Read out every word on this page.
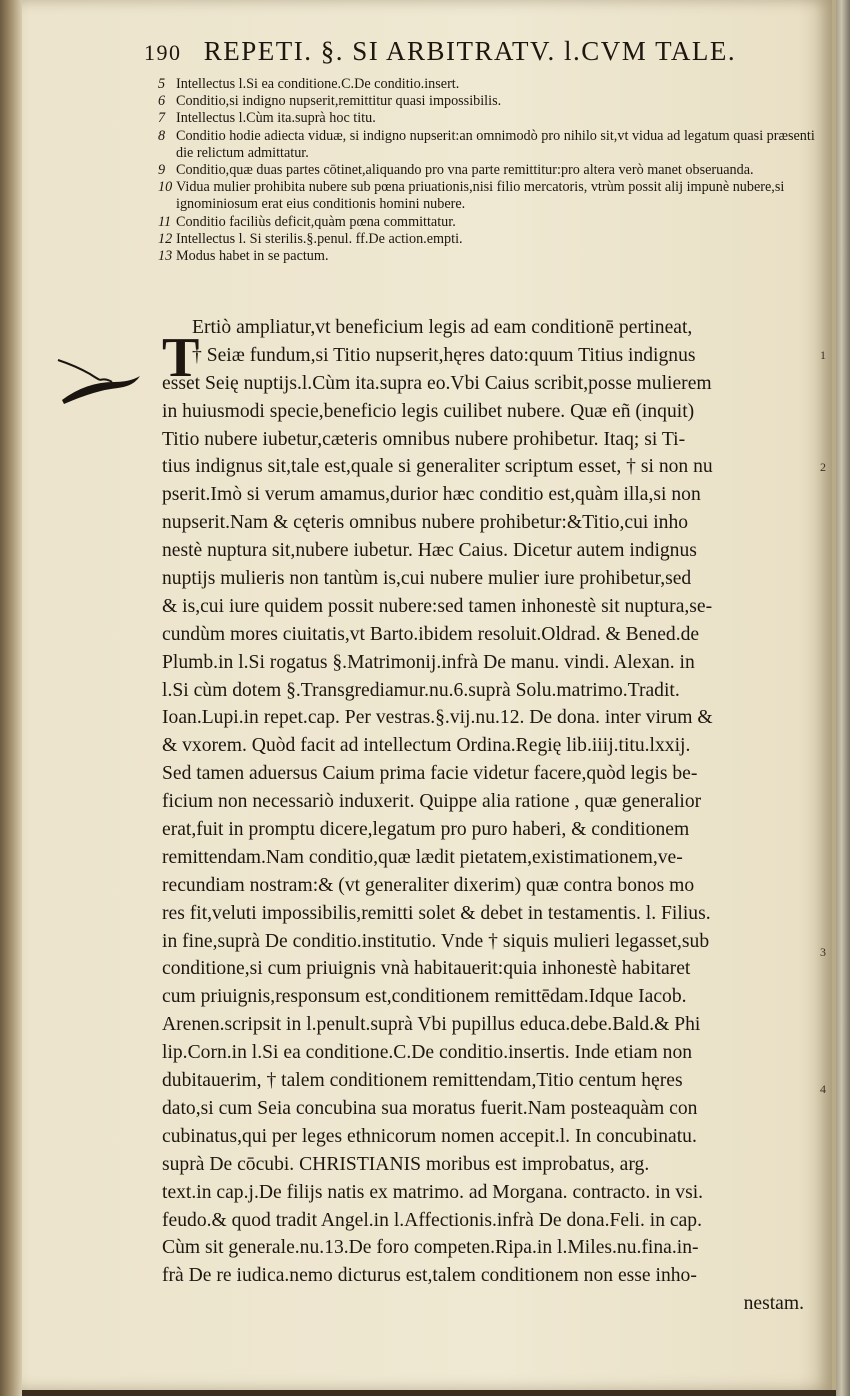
190 REPETI. §. SI ARBITRATV. l.CVM TALE.
5 Intellectus l.Si ea conditione.C.De conditio.insert.
6 Conditio,si indigno nupserit,remittitur quasi impossibilis.
7 Intellectus l.Cùm ita.suprà hoc titu.
8 Conditio hodie adiecta viduæ, si indigno nupserit:an omnimodò pro nihilo sit,vt vidua ad legatum quasi præsenti die relictum admittatur.
9 Conditio,quæ duas partes cōtinet,aliquando pro vna parte remittitur:pro altera verò manet obseruanda.
10 Vidua mulier prohibita nubere sub pœna priuationis,nisi filio mercatoris, vtrùm possit alij impunè nubere,si ignominiosum erat eius conditionis homini nubere.
11 Conditio faciliùs deficit,quàm pœna committatur.
12 Intellectus l. Si sterilis.§.penul. ff.De action.empti.
13 Modus habet in se pactum.
T
Ertiò ampliatur,vt beneficium legis ad eam conditionē pertineat,
† Seiæ fundum,si Titio nupserit,hęres dato:quum Titius indignus
esset Seię nuptijs.l.Cùm ita.supra eo.Vbi Caius scribit,posse mulierem
in huiusmodi specie,beneficio legis cuilibet nubere. Quæ eñ (inquit)
Titio nubere iubetur,cæteris omnibus nubere prohibetur. Itaq; si Ti-
tius indignus sit,tale est,quale si generaliter scriptum esset, † si non nu
pserit.Imò si verum amamus,durior hæc conditio est,quàm illa,si non
nupserit.Nam & cęteris omnibus nubere prohibetur:&Titio,cui inho
nestè nuptura sit,nubere iubetur. Hæc Caius. Dicetur autem indignus
nuptijs mulieris non tantùm is,cui nubere mulier iure prohibetur,sed
& is,cui iure quidem possit nubere:sed tamen inhonestè sit nuptura,se-
cundùm mores ciuitatis,vt Barto.ibidem resoluit.Oldrad. & Bened.de
Plumb.in l.Si rogatus §.Matrimonij.infrà De manu. vindi. Alexan. in
l.Si cùm dotem §.Transgrediamur.nu.6.suprà Solu.matrimo.Tradit.
Ioan.Lupi.in repet.cap. Per vestras.§.vij.nu.12. De dona. inter virum &
& vxorem. Quòd facit ad intellectum Ordina.Regię lib.iiij.titu.lxxij.
Sed tamen aduersus Caium prima facie videtur facere,quòd legis be-
ficium non necessariò induxerit. Quippe alia ratione , quæ generalior
erat,fuit in promptu dicere,legatum pro puro haberi, & conditionem
remittendam.Nam conditio,quæ lædit pietatem,existimationem,ve-
recundiam nostram:& (vt generaliter dixerim) quæ contra bonos mo
res fit,veluti impossibilis,remitti solet & debet in testamentis. l. Filius.
in fine,suprà De conditio.institutio. Vnde † siquis mulieri legasset,sub
conditione,si cum priuignis vnà habitauerit:quia inhonestè habitaret
cum priuignis,responsum est,conditionem remittēdam.Idque Iacob.
Arenen.scripsit in l.penult.suprà Vbi pupillus educa.debe.Bald.& Phi
lip.Corn.in l.Si ea conditione.C.De conditio.insertis. Inde etiam non
dubitauerim, † talem conditionem remittendam,Titio centum hęres
dato,si cum Seia concubina sua moratus fuerit.Nam posteaquàm con
cubinatus,qui per leges ethnicorum nomen accepit.l. In concubinatu.
suprà De cōcubi. CHRISTIANIS moribus est improbatus, arg.
text.in cap.j.De filijs natis ex matrimo. ad Morgana. contracto. in vsi.
feudo.& quod tradit Angel.in l.Affectionis.infrà De dona.Feli. in cap.
Cùm sit generale.nu.13.De foro competen.Ripa.in l.Miles.nu.fina.in-
frà De re iudica.nemo dicturus est,talem conditionem non esse inho-
nestam.
1
2
3
4
